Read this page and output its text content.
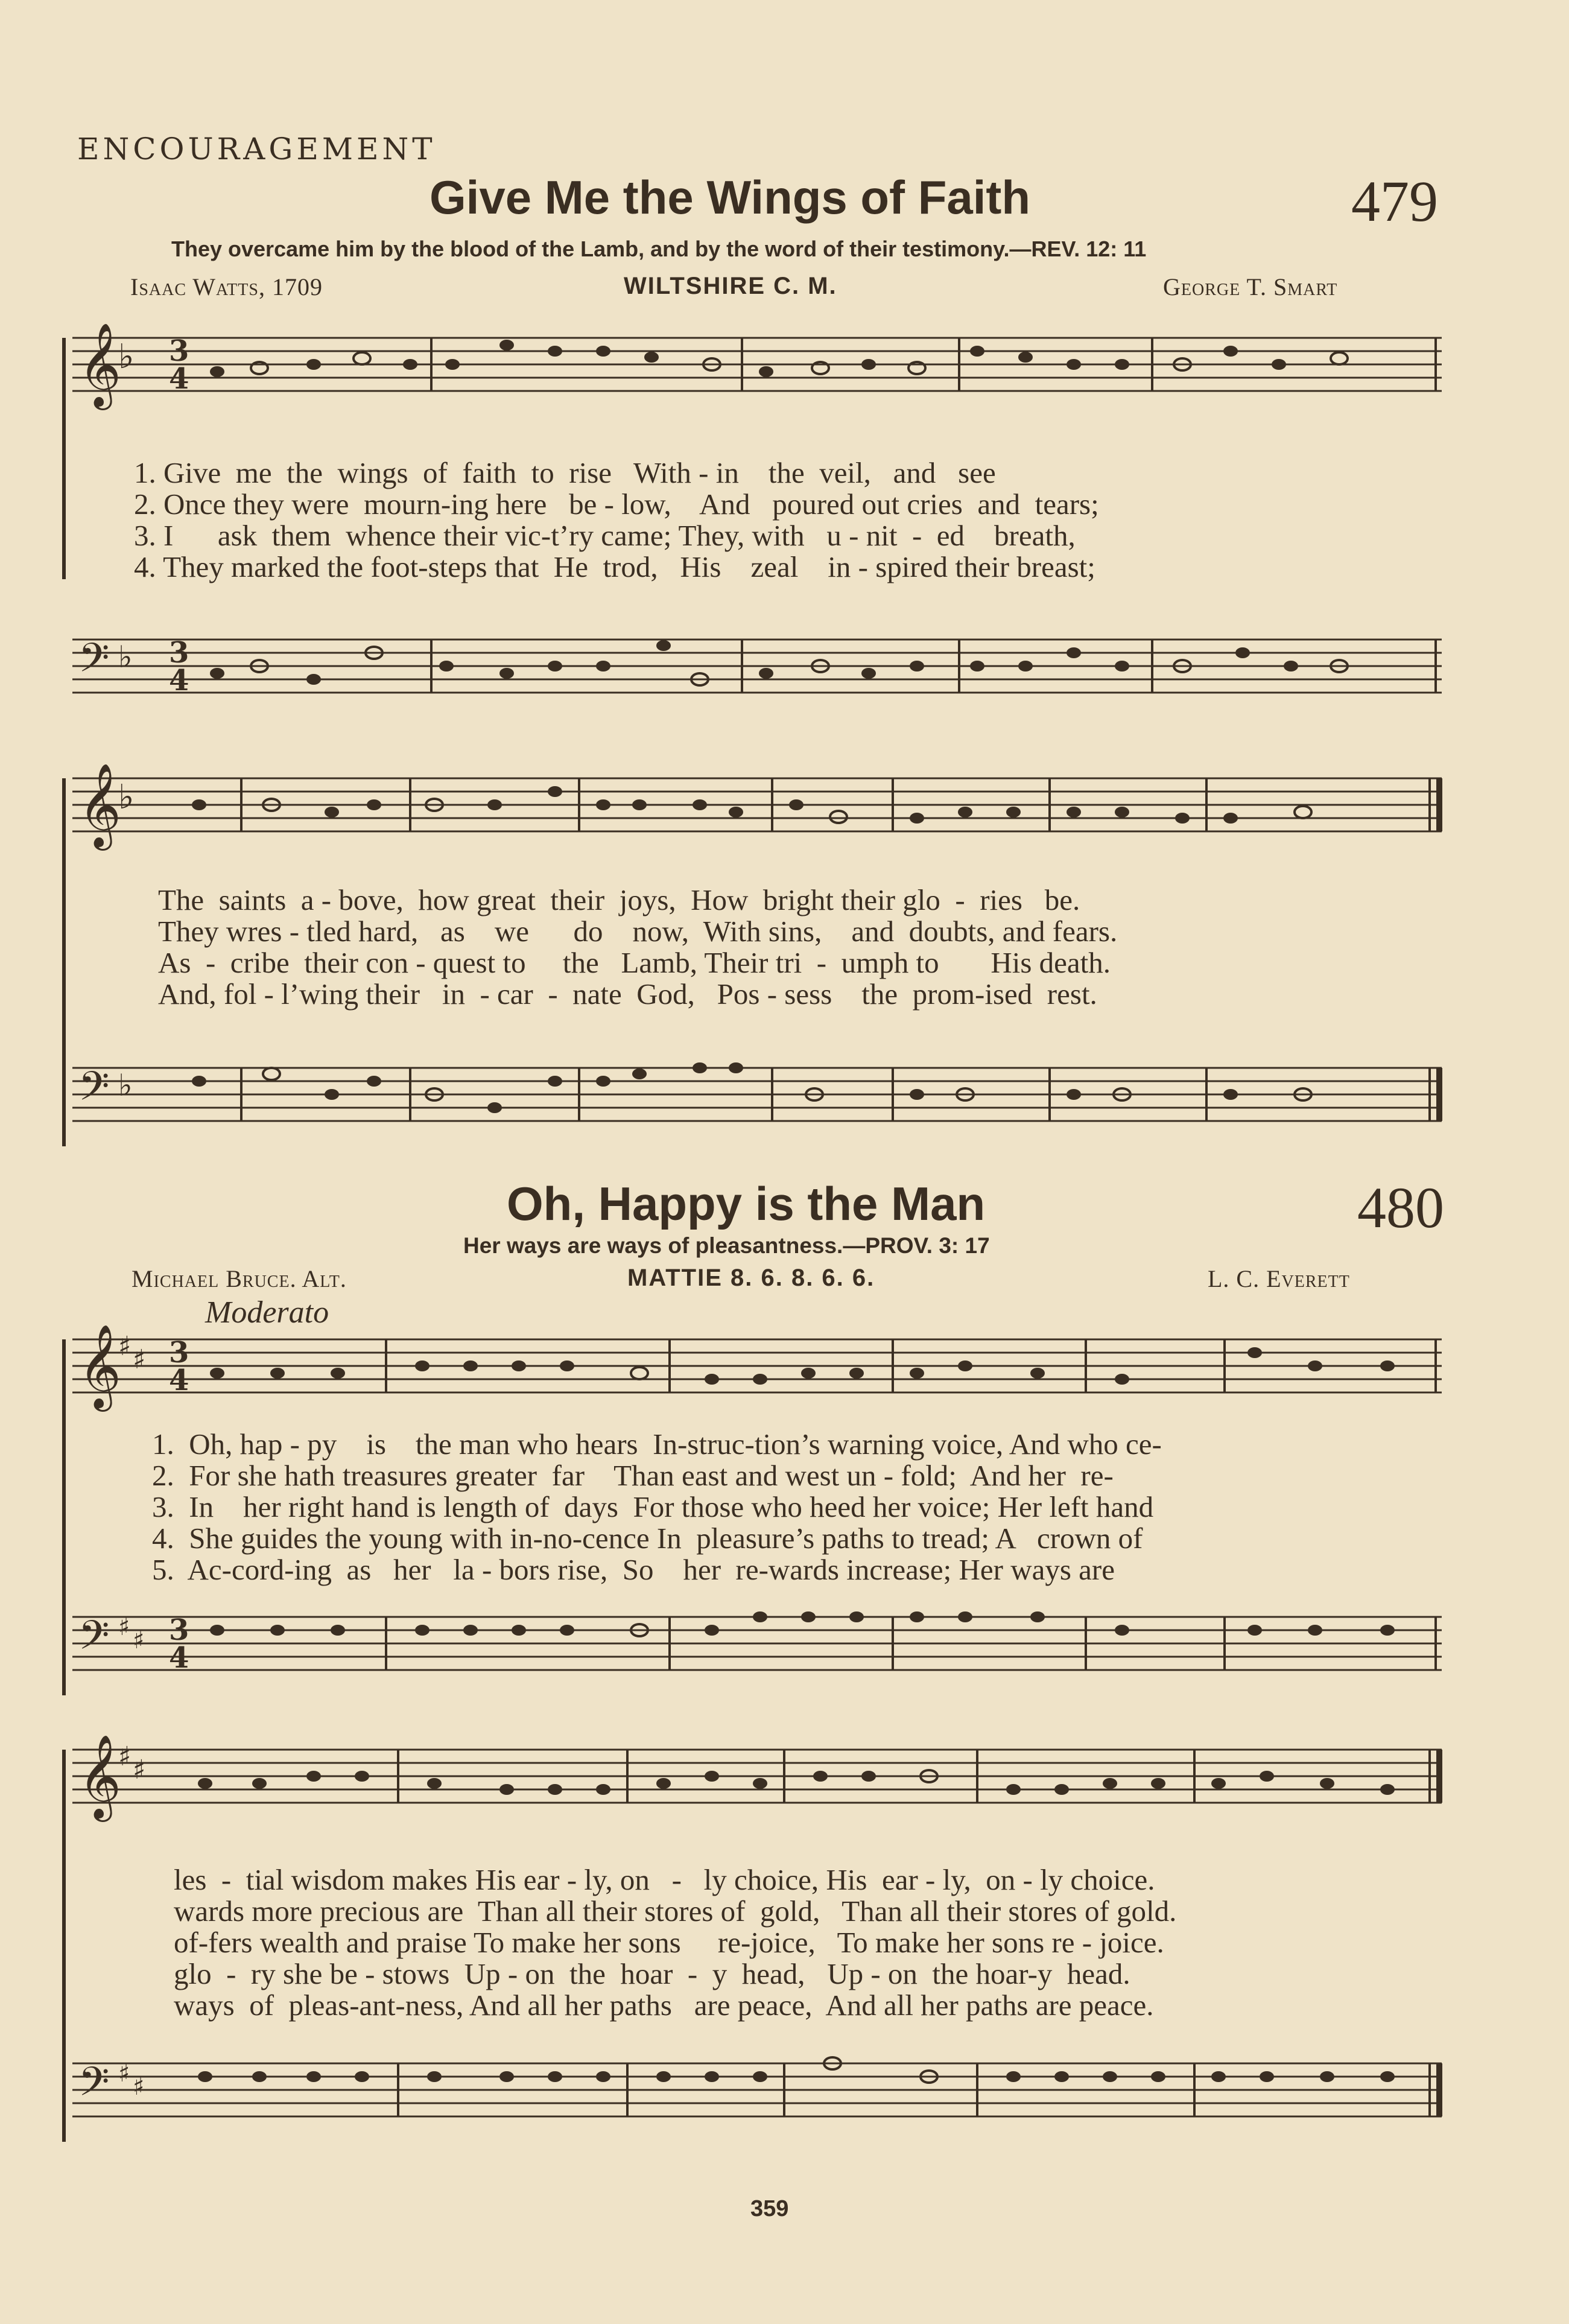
ENCOURAGEMENT
Give Me the Wings of Faith	479
They overcame him by the blood of the Lamb, and by the word of their testimony.—REV. 12: 11
Isaac Watts, 1709	WILTSHIRE C. M.	George T. Smart
𝄞
♭ 3
4
1. Give  me  the  wings  of  faith  to  rise   With - in    the  veil,   and   see
2. Once they were  mourn-ing here   be - low,    And   poured out cries  and  tears;
3. I      ask  them  whence their vic-t’ry came; They, with   u - nit  -  ed    breath,
4. They marked the foot-steps that  He  trod,   His    zeal    in - spired their breast;
𝄢 ♭ 3
4
𝄞
♭
The  saints  a - bove,  how great  their  joys,  How  bright their glo  -  ries   be.
They wres - tled hard,   as    we      do    now,  With sins,    and  doubts, and fears.
As  -  cribe  their con - quest to     the   Lamb, Their tri  -  umph to       His death.
And, fol - l’wing their   in  - car  -  nate  God,   Pos - sess    the  prom-ised  rest.
𝄢 ♭
Oh, Happy is the Man	480
Her ways are ways of pleasantness.—PROV. 3: 17
Michael Bruce. Alt.	MATTIE 8. 6. 8. 6. 6.	L. C. Everett
Moderato
𝄞
♯ ♯ 3
4
1.  Oh, hap - py    is    the man who hears  In-struc-tion’s warning voice, And who ce-
2.  For she hath treasures greater  far    Than east and west un - fold;  And her  re-
3.  In    her right hand is length of  days  For those who heed her voice; Her left hand
4.  She guides the young with in-no-cence In  pleasure’s paths to tread; A   crown of
5.  Ac-cord-ing  as   her   la - bors rise,  So    her  re-wards increase; Her ways are
𝄢 ♯ ♯ 3
4
𝄞
♯ ♯
les  -  tial wisdom makes His ear - ly, on   -   ly choice, His  ear - ly,  on - ly choice.
wards more precious are  Than all their stores of  gold,   Than all their stores of gold.
of-fers wealth and praise To make her sons     re-joice,   To make her sons re - joice.
glo  -  ry she be - stows  Up - on  the  hoar  -  y  head,   Up - on  the hoar-y  head.
ways  of  pleas-ant-ness, And all her paths   are peace,  And all her paths are peace.
𝄢 ♯ ♯
359
